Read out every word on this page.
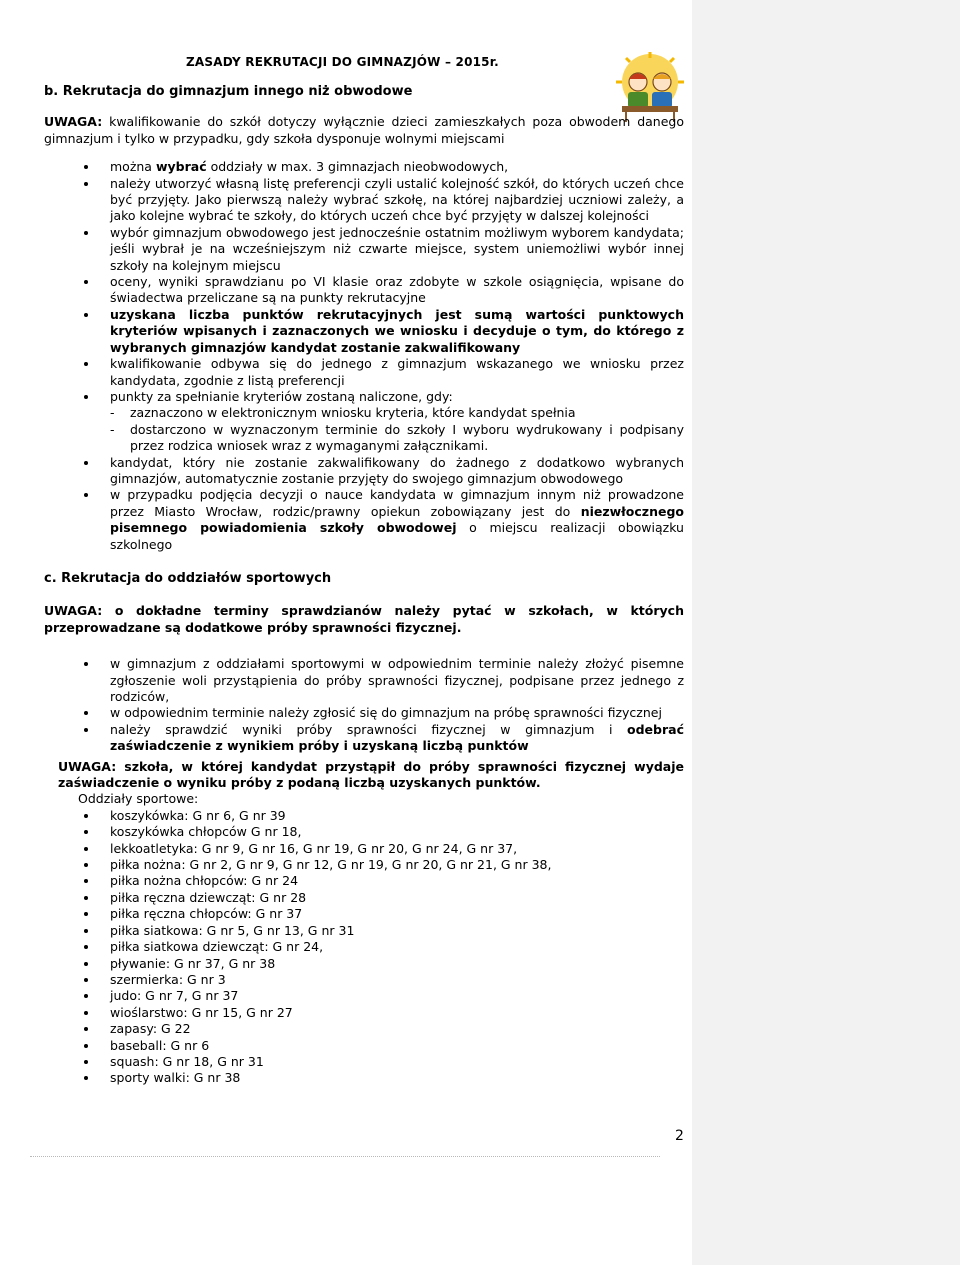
ZASADY REKRUTACJI DO GIMNAZJÓW – 2015r.

b. Rekrutacja do gimnazjum innego niż obwodowe

UWAGA: kwalifikowanie do szkół dotyczy wyłącznie dzieci zamieszkałych poza obwodem danego gimnazjum i tylko w przypadku, gdy szkoła dysponuje wolnymi miejscami

można wybrać oddziały w max. 3 gimnazjach nieobwodowych,
należy utworzyć własną listę preferencji czyli ustalić kolejność szkół, do których uczeń chce być przyjęty. Jako pierwszą należy wybrać szkołę, na której najbardziej uczniowi zależy, a jako kolejne wybrać te szkoły, do których uczeń chce być przyjęty w dalszej kolejności
wybór gimnazjum obwodowego jest jednocześnie ostatnim możliwym wyborem kandydata; jeśli wybrał je na wcześniejszym niż czwarte miejsce, system uniemożliwi wybór innej szkoły na kolejnym miejscu
oceny, wyniki sprawdzianu po VI klasie oraz zdobyte w szkole osiągnięcia, wpisane do świadectwa przeliczane są na punkty rekrutacyjne
uzyskana liczba punktów rekrutacyjnych jest sumą wartości punktowych kryteriów wpisanych i zaznaczonych we wniosku i decyduje o tym, do którego z wybranych gimnazjów kandydat zostanie zakwalifikowany
kwalifikowanie odbywa się do jednego z gimnazjum wskazanego we wniosku przez kandydata, zgodnie z listą preferencji
punkty za spełnianie kryteriów zostaną naliczone, gdy:
- zaznaczono w elektronicznym wniosku kryteria, które kandydat spełnia
- dostarczono w wyznaczonym terminie do szkoły I wyboru wydrukowany i podpisany przez rodzica wniosek wraz z wymaganymi załącznikami.
kandydat, który nie zostanie zakwalifikowany do żadnego z dodatkowo wybranych gimnazjów, automatycznie zostanie przyjęty do swojego gimnazjum obwodowego
w przypadku podjęcia decyzji o nauce kandydata w gimnazjum innym niż prowadzone przez Miasto Wrocław, rodzic/prawny opiekun zobowiązany jest do niezwłocznego pisemnego powiadomienia szkoły obwodowej o miejscu realizacji obowiązku szkolnego

c. Rekrutacja do oddziałów sportowych

UWAGA: o dokładne terminy sprawdzianów należy pytać w szkołach, w których przeprowadzane są dodatkowe próby sprawności fizycznej.

w gimnazjum z oddziałami sportowymi w odpowiednim terminie należy złożyć pisemne zgłoszenie woli przystąpienia do próby sprawności fizycznej, podpisane przez jednego z rodziców,
w odpowiednim terminie należy zgłosić się do gimnazjum na próbę sprawności fizycznej
należy sprawdzić wyniki próby sprawności fizycznej w gimnazjum i odebrać zaświadczenie z wynikiem próby i uzyskaną liczbą punktów

UWAGA: szkoła, w której kandydat przystąpił do próby sprawności fizycznej wydaje zaświadczenie o wyniku próby z podaną liczbą uzyskanych punktów.

Oddziały sportowe:

koszykówka: G nr 6, G nr 39
koszykówka chłopców G nr 18,
lekkoatletyka: G nr 9, G nr 16, G nr 19, G nr 20, G nr 24, G nr 37,
piłka nożna: G nr 2, G nr 9, G nr 12, G nr 19, G nr 20, G nr 21, G nr 38,
piłka nożna chłopców: G nr 24
piłka ręczna dziewcząt: G nr 28
piłka ręczna chłopców: G nr 37
piłka siatkowa: G nr 5, G nr 13, G nr 31
piłka siatkowa dziewcząt: G nr 24,
pływanie: G nr 37, G nr 38
szermierka: G nr 3
judo: G nr 7, G nr 37
wioślarstwo: G nr 15, G nr 27
zapasy: G 22
baseball: G nr 6
squash: G nr 18, G nr 31
sporty walki: G nr 38
2
